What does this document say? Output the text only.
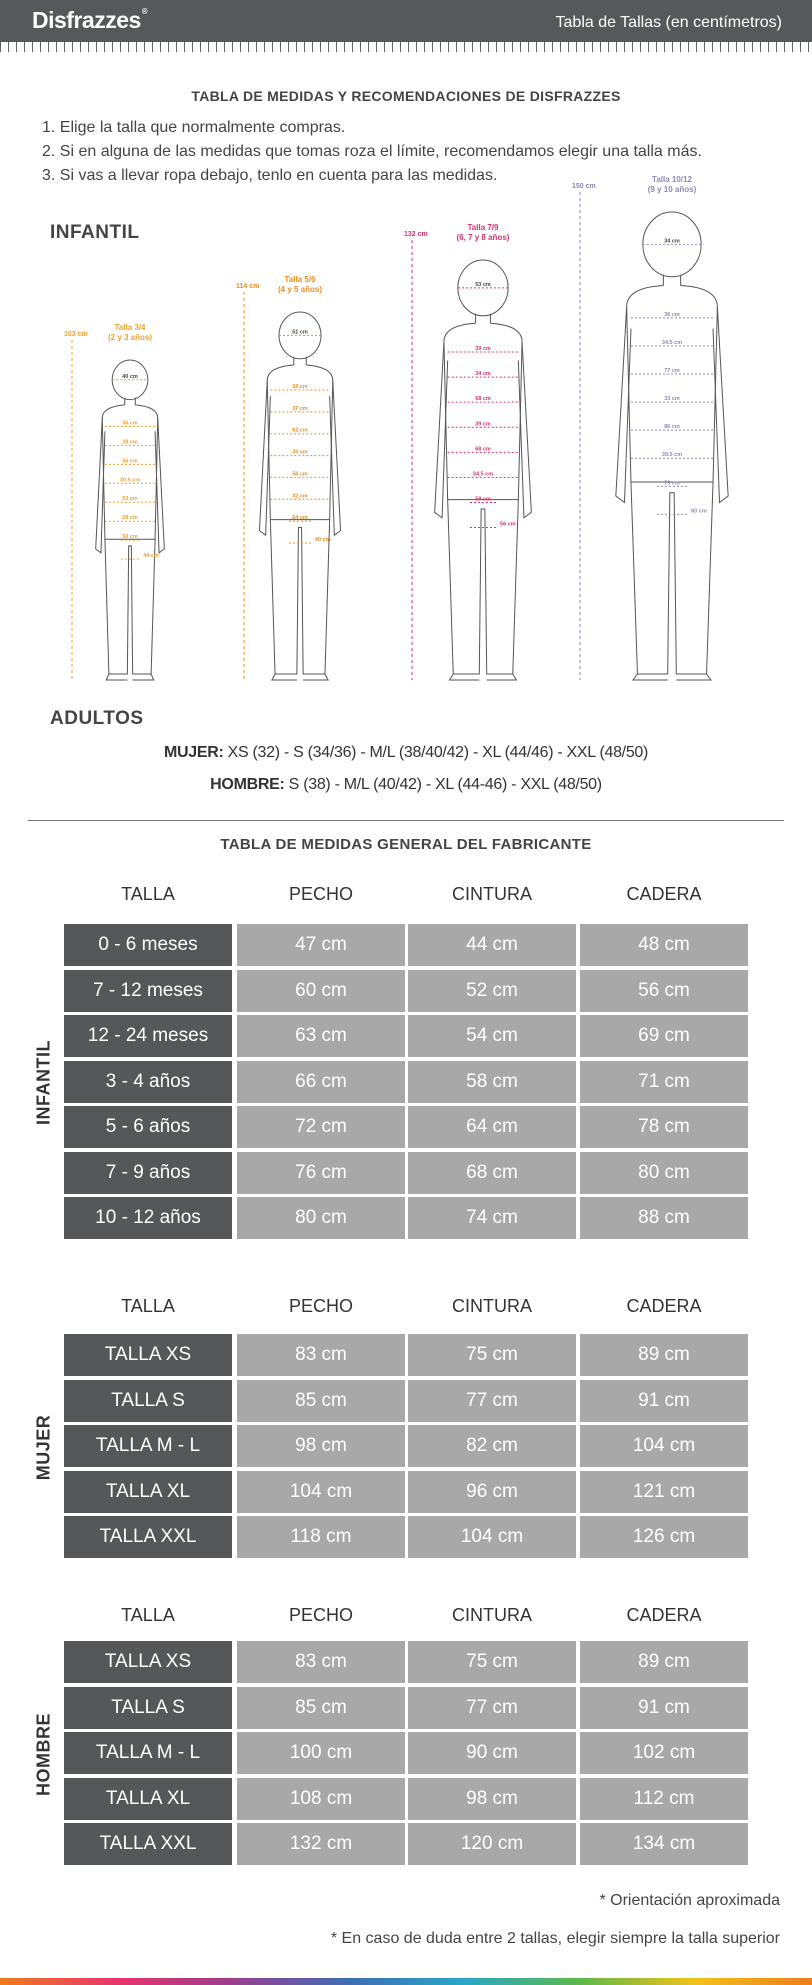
Disfrazzes®
Tabla de Tallas (en centímetros)
TABLA DE MEDIDAS Y RECOMENDACIONES DE DISFRAZZES
1. Elige la talla que normalmente compras.
2. Si en alguna de las medidas que tomas roza el límite, recomendamos elegir una talla más.
3. Si vas a llevar ropa debajo, tenlo en cuenta para las medidas.
INFANTIL
103 cm
Talla 3/4
(2 y 3 años)
40 cm
36 cm
28 cm
56 cm
30.5 cm
53 cm
28 cm
50 cm
44 cm
114 cm
Talla 5/6
(4 y 5 años)
51 cm
32 cm
37 cm
62 cm
35 cm
56 cm
32 cm
64 cm
40 cm
132 cm
Talla 7/9
(6, 7 y 8 años)
53 cm
39 cm
34 cm
68 cm
39 cm
68 cm
34.5 cm
59 cm
56 cm
150 cm
Talla 10/12
(9 y 10 años)
34 cm
36 cm
34.5 cm
77 cm
33 cm
86 cm
39.5 cm
79 cm
60 cm
ADULTOS
MUJER: XS (32) - S (34/36) - M/L (38/40/42) - XL (44/46) - XXL (48/50)
HOMBRE: S (38) - M/L (40/42) - XL (44-46) - XXL (48/50)
TABLA DE MEDIDAS GENERAL DEL FABRICANTE
TALLA	PECHO	CINTURA	CADERA
0 - 6 meses	47 cm	44 cm	48 cm
7 - 12 meses	60 cm	52 cm	56 cm
12 - 24 meses	63 cm	54 cm	69 cm
3 - 4 años	66 cm	58 cm	71 cm
5 - 6 años	72 cm	64 cm	78 cm
7 - 9 años	76 cm	68 cm	80 cm
10 - 12 años	80 cm	74 cm	88 cm
INFANTIL
TALLA	PECHO	CINTURA	CADERA
TALLA XS	83 cm	75 cm	89 cm
TALLA S	85 cm	77 cm	91 cm
TALLA M - L	98 cm	82 cm	104 cm
TALLA XL	104 cm	96 cm	121 cm
TALLA XXL	118 cm	104 cm	126 cm
MUJER
TALLA	PECHO	CINTURA	CADERA
TALLA XS	83 cm	75 cm	89 cm
TALLA S	85 cm	77 cm	91 cm
TALLA M - L	100 cm	90 cm	102 cm
TALLA XL	108 cm	98 cm	112 cm
TALLA XXL	132 cm	120 cm	134 cm
HOMBRE
* Orientación aproximada
* En caso de duda entre 2 tallas, elegir siempre la talla superior
